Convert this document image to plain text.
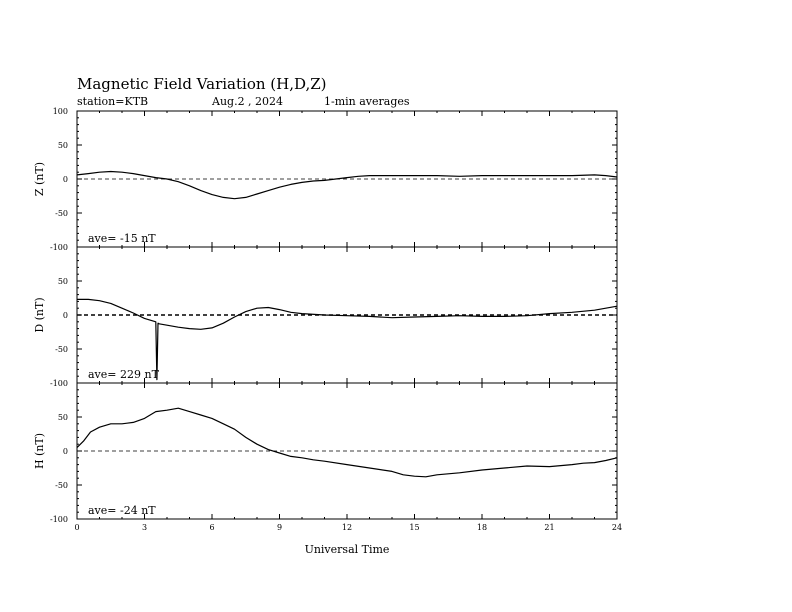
Magnetic Field Variation (H,D,Z)
station=KTB	Aug.2 , 2024	1-min averages
100
50
0
-50
-100
Z (nT)
ave= -15 nT
50
0
-50
-100
D (nT)
ave= 229 nT
50
0
-50
-100
H (nT)
ave= -24 nT
0	3	6	9	12	15	18	21	24
Universal Time
